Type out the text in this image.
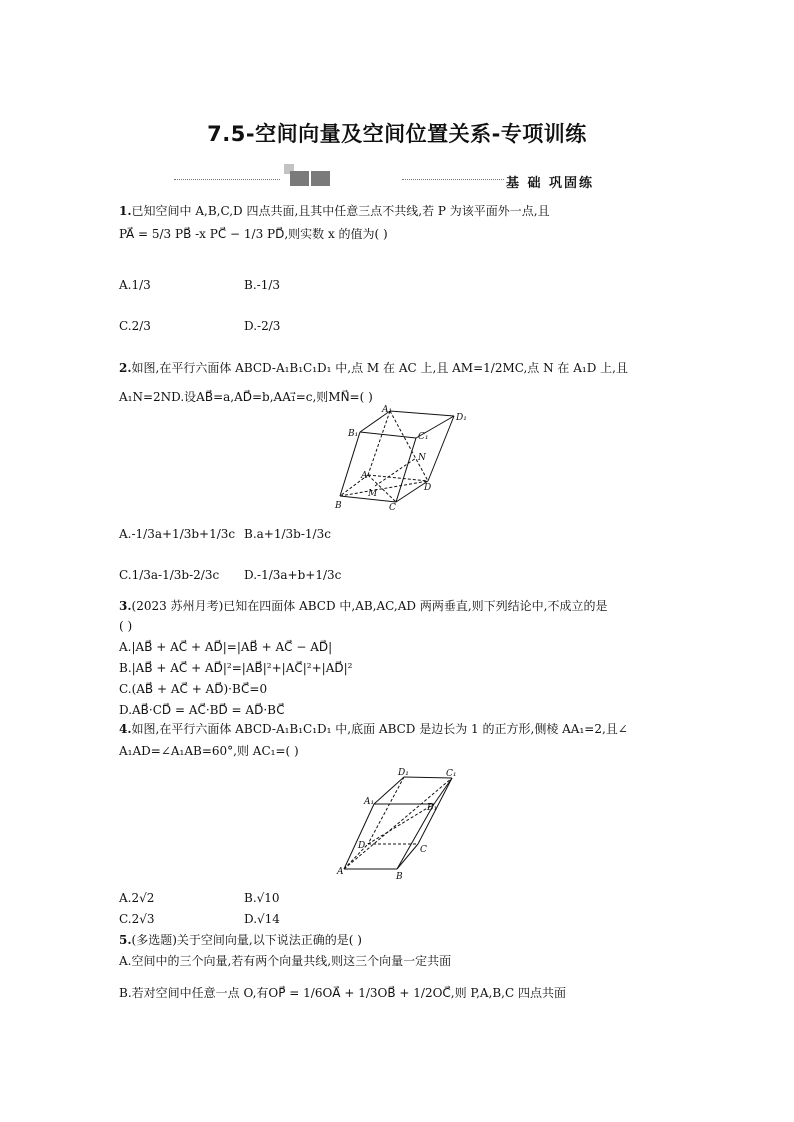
7.5-空间向量及空间位置关系-专项训练
基 础 巩固练
1.已知空间中 A,B,C,D 四点共面,且其中任意三点不共线,若 P 为该平面外一点,且
PA⃗ = 5/3 PB⃗ -x PC⃗ − 1/3 PD⃗,则实数 x 的值为( )
A.1/3	B.-1/3
C.2/3	D.-2/3
2.如图,在平行六面体 ABCD-A₁B₁C₁D₁ 中,点 M 在 AC 上,且 AM=1/2MC,点 N 在 A₁D 上,且
A₁N=2ND.设AB⃗=a,AD⃗=b,AA₁⃗=c,则MN⃗=( )
A₁
D₁
B₁	C₁
N
A
M
D
B	C
A.-1/3a+1/3b+1/3c B.a+1/3b-1/3c
C.1/3a-1/3b-2/3c D.-1/3a+b+1/3c
3.(2023 苏州月考)已知在四面体 ABCD 中,AB,AC,AD 两两垂直,则下列结论中,不成立的是
( )
A.|AB⃗ + AC⃗ + AD⃗|=|AB⃗ + AC⃗ − AD⃗|
B.|AB⃗ + AC⃗ + AD⃗|²=|AB⃗|²+|AC⃗|²+|AD⃗|²
C.(AB⃗ + AC⃗ + AD⃗)·BC⃗=0
D.AB⃗·CD⃗ = AC⃗·BD⃗ = AD⃗·BC⃗
4.如图,在平行六面体 ABCD-A₁B₁C₁D₁ 中,底面 ABCD 是边长为 1 的正方形,侧棱 AA₁=2,且∠
A₁AD=∠A₁AB=60°,则 AC₁=( )
D₁	C₁
A₁
B₁
D	C
A	B
A.2√2	B.√10
C.2√3	D.√14
5.(多选题)关于空间向量,以下说法正确的是( )
A.空间中的三个向量,若有两个向量共线,则这三个向量一定共面
B.若对空间中任意一点 O,有OP⃗ = 1/6OA⃗ + 1/3OB⃗ + 1/2OC⃗,则 P,A,B,C 四点共面
